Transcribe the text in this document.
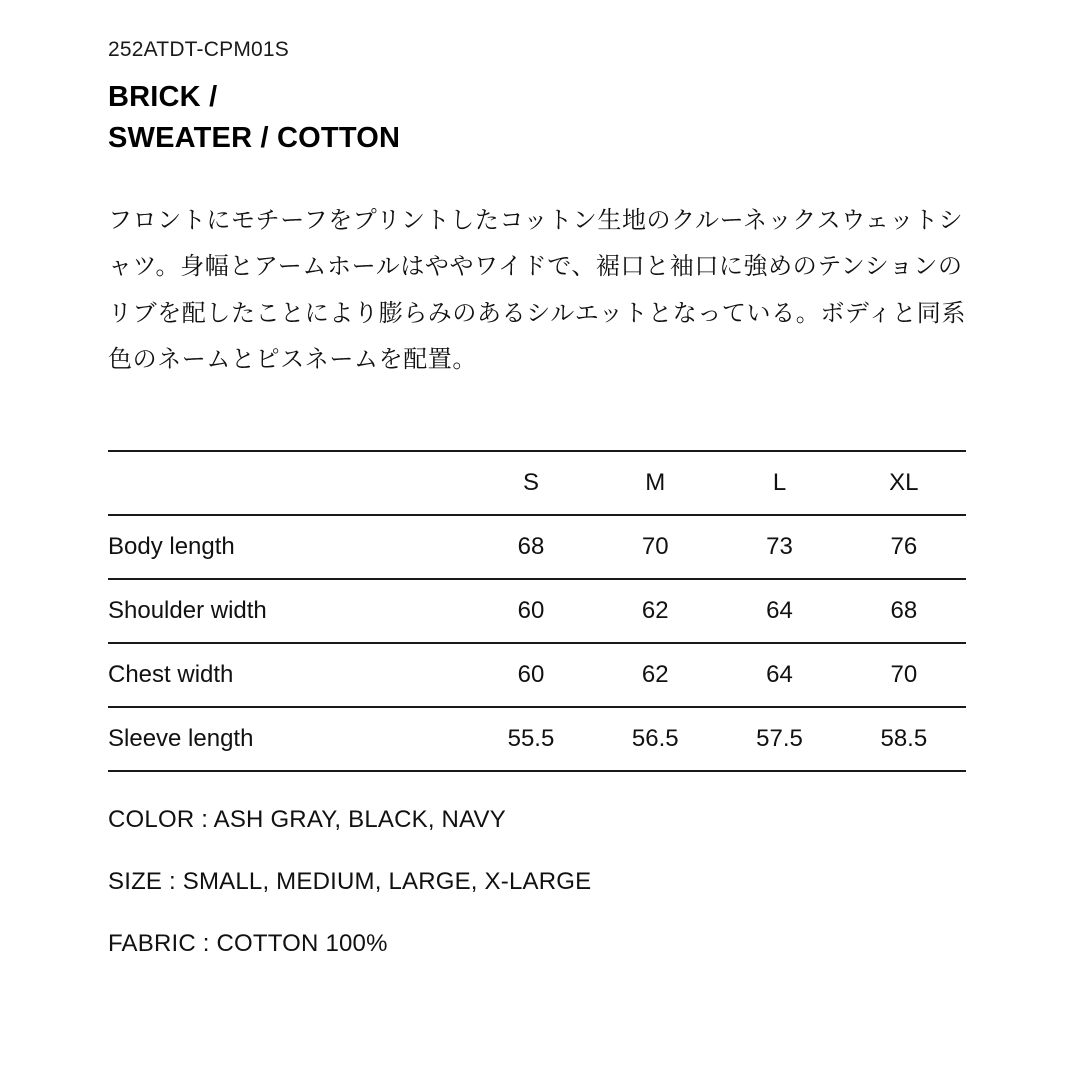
252ATDT-CPM01S
BRICK /
SWEATER / COTTON

フロントにモチーフをプリントしたコットン生地のクルーネックスウェットシャツ。身幅とアームホールはややワイドで、裾口と袖口に強めのテンションのリブを配したことにより膨らみのあるシルエットとなっている。ボディと同系色のネームとピスネームを配置。

	S	M	L	XL
Body length	68	70	73	76
Shoulder width	60	62	64	68
Chest width	60	62	64	70
Sleeve length	55.5	56.5	57.5	58.5
COLOR : ASH GRAY, BLACK, NAVY
SIZE : SMALL, MEDIUM, LARGE, X-LARGE
FABRIC : COTTON 100%
